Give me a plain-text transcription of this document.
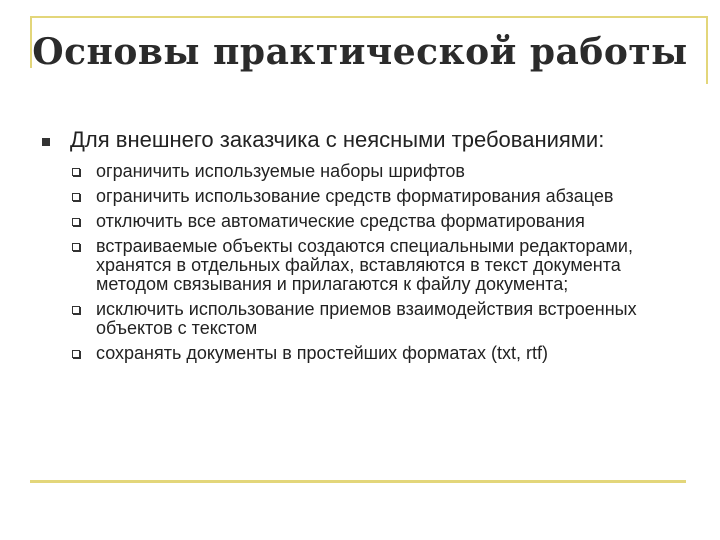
Основы практической работы
Для внешнего заказчика с неясными требованиями:
ограничить используемые наборы шрифтов
ограничить использование средств форматирования абзацев
отключить все автоматические средства форматирования
встраиваемые объекты создаются специальными редакторами, хранятся в отдельных файлах, вставляются в текст документа методом связывания и прилагаются к файлу документа;
исключить использование приемов взаимодействия встроенных объектов с текстом
сохранять документы в простейших форматах (txt, rtf)
